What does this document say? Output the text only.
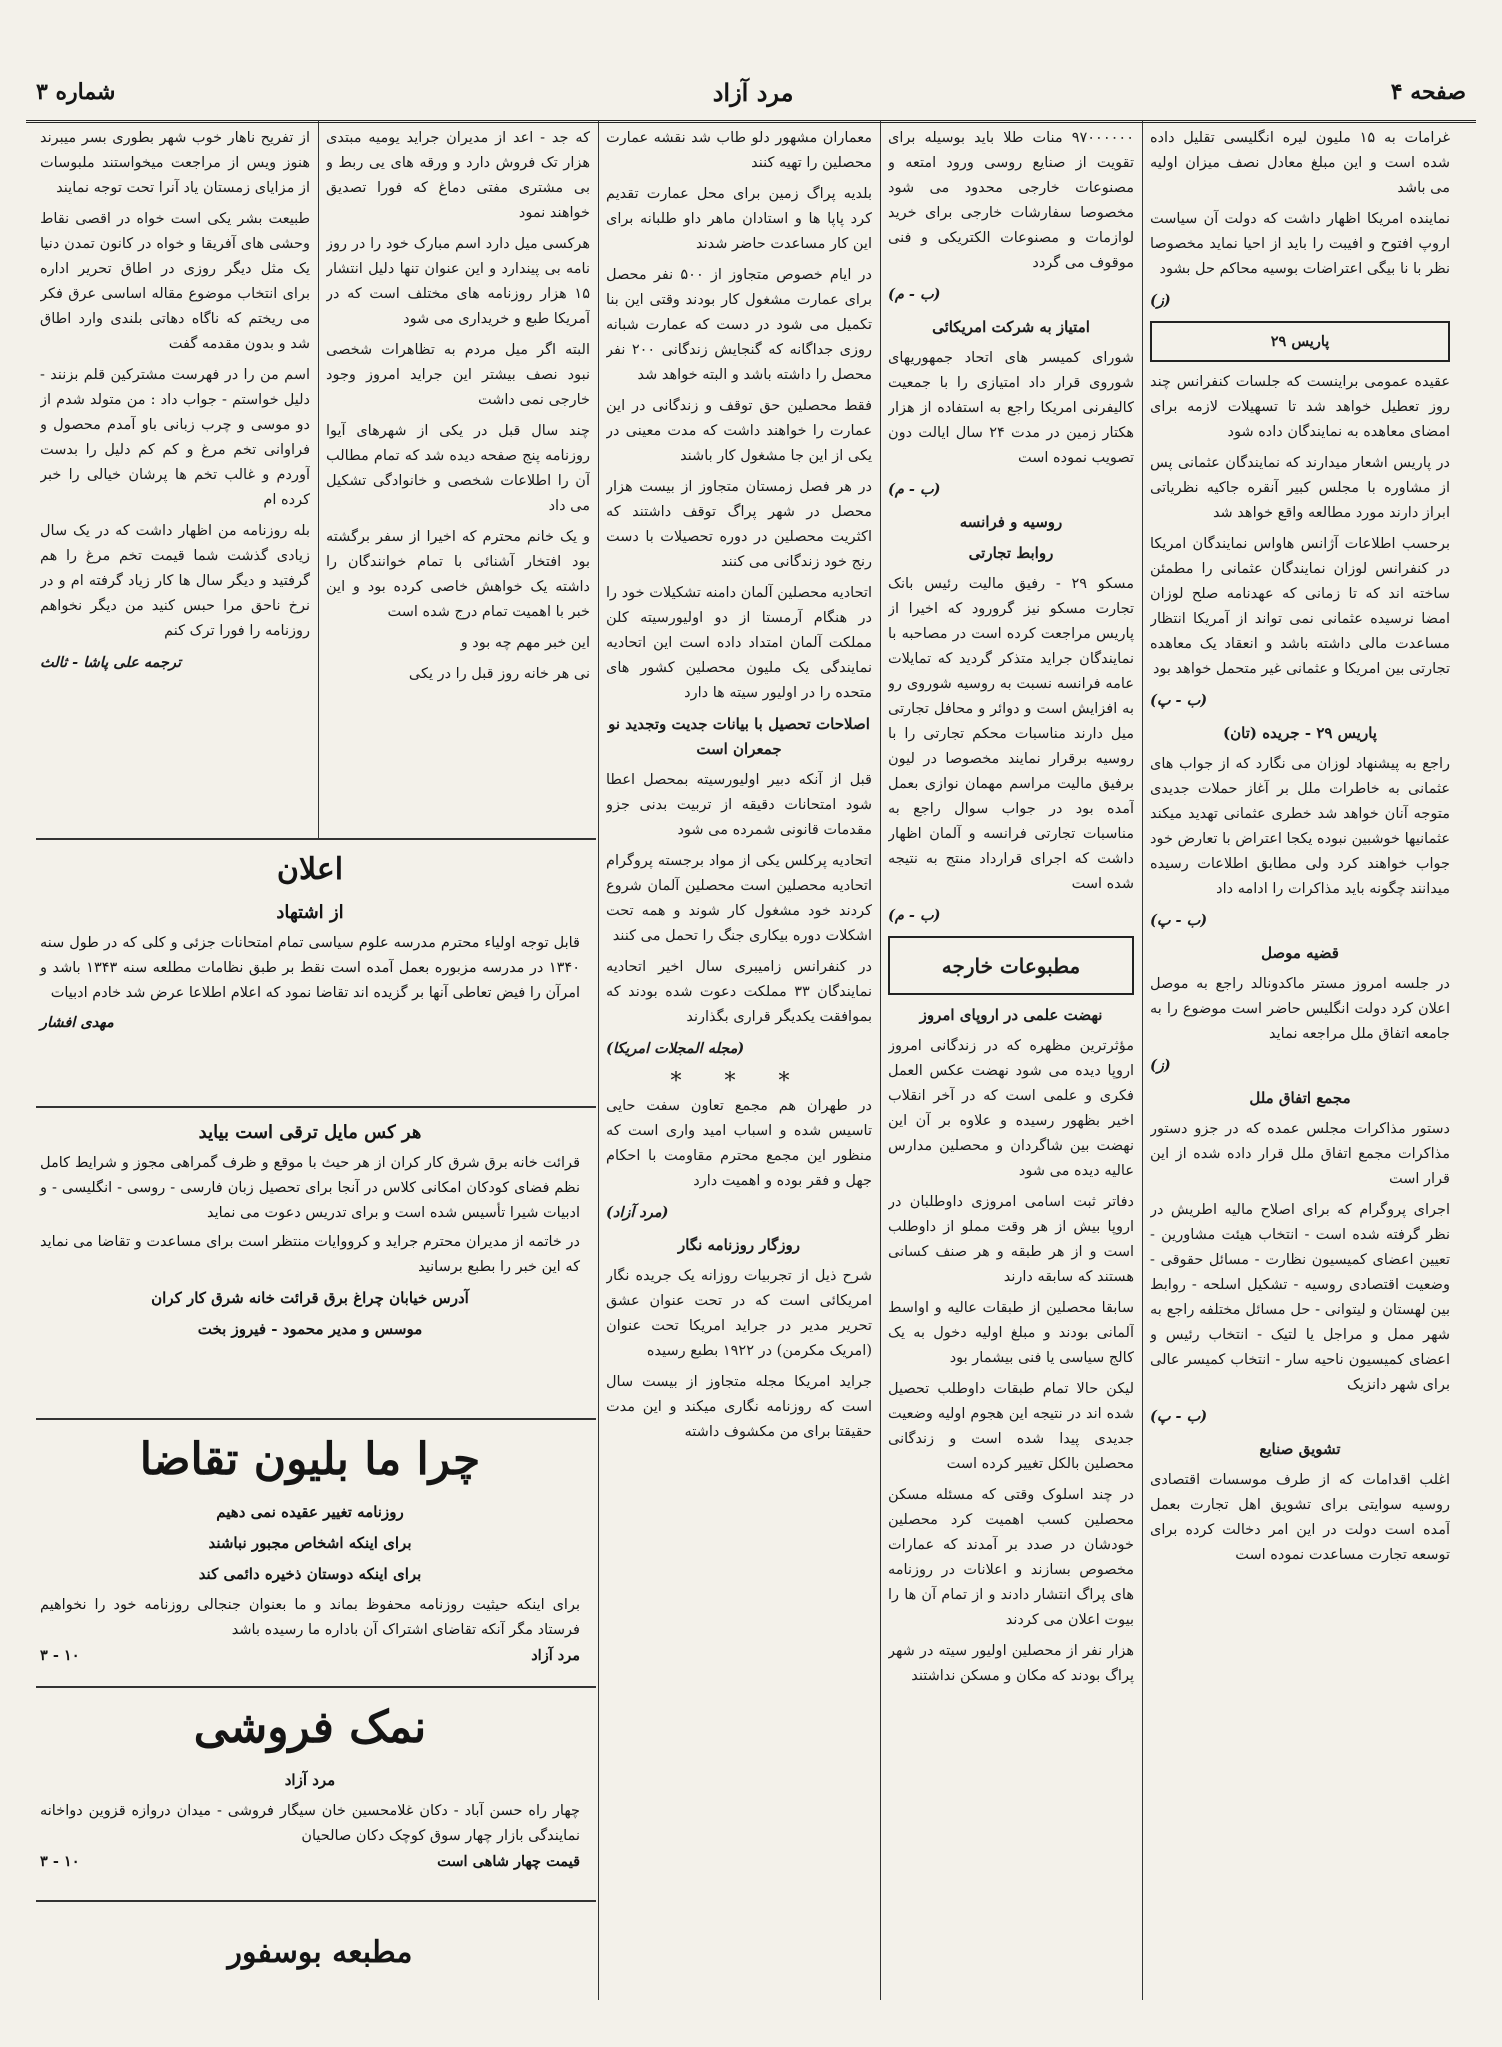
صفحه ۴
مرد آزاد
شماره ۳

غرامات به ۱۵ ملیون لیره انگلیسی تقلیل داده شده است و این مبلغ معادل نصف میزان اولیه می باشد

نماینده امریکا اظهار داشت که دولت آن سیاست اروپ افتوح و افیبت را باید از احیا نماید مخصوصا نظر با نا بیگی اعتراضات بوسیه محاکم حل بشود

(ز)
پاریس ۲۹

عقیده عمومی براینست که جلسات کنفرانس چند روز تعطیل خواهد شد تا تسهیلات لازمه برای امضای معاهده به نمایندگان داده شود

در پاریس اشعار میدارند که نمایندگان عثمانی پس از مشاوره با مجلس کبیر آنقره جاکیه نظریاتی ابراز دارند مورد مطالعه واقع خواهد شد

برحسب اطلاعات آژانس هاواس نمایندگان امریکا در کنفرانس لوزان نمایندگان عثمانی را مطمئن ساخته اند که تا زمانی که عهدنامه صلح لوزان امضا نرسیده عثمانی نمی تواند از آمریکا انتظار مساعدت مالی داشته باشد و انعقاد یک معاهده تجارتی بین امریکا و عثمانی غیر متحمل خواهد بود

(ب - پ)
پاریس ۲۹ - جریده (تان)

راجع به پیشنهاد لوزان می نگارد که از جواب های عثمانی به خاطرات ملل بر آغاز حملات جدیدی متوجه آنان خواهد شد خطری عثمانی تهدید میکند عثمانیها خوشبین نبوده یکجا اعتراض با تعارض خود جواب خواهند کرد ولی مطابق اطلاعات رسیده میدانند چگونه باید مذاکرات را ادامه داد

(ب - پ)
قضیه موصل

در جلسه امروز مستر ماکدونالد راجع به موصل اعلان کرد دولت انگلیس حاضر است موضوع را به جامعه اتفاق ملل مراجعه نماید

(ز)
مجمع اتفاق ملل

دستور مذاکرات مجلس عمده که در جزو دستور مذاکرات مجمع اتفاق ملل قرار داده شده از این قرار است

اجرای پروگرام که برای اصلاح مالیه اطریش در نظر گرفته شده است - انتخاب هیئت مشاورین - تعیین اعضای کمیسیون نظارت - مسائل حقوقی - وضعیت اقتصادی روسیه - تشکیل اسلحه - روابط بین لهستان و لیتوانی - حل مسائل مختلفه راجع به شهر ممل و مراجل یا لتیک - انتخاب رئیس و اعضای کمیسیون ناحیه سار - انتخاب کمیسر عالی برای شهر دانزیک

(ب - پ)
تشویق صنایع

اغلب اقدامات که از طرف موسسات اقتصادی روسیه سوایتی برای تشویق اهل تجارت بعمل آمده است دولت در این امر دخالت کرده برای توسعه تجارت مساعدت نموده است

۹۷۰۰۰۰۰۰ منات طلا باید بوسیله برای تقویت از صنایع روسی ورود امتعه و مصنوعات خارجی محدود می شود مخصوصا سفارشات خارجی برای خرید لوازمات و مصنوعات الکتریکی و فنی موقوف می گردد

(ب - م)
امتیاز به شرکت امریکائی

شورای کمیسر های اتحاد جمهوریهای شوروی قرار داد امتیازی را با جمعیت کالیفرنی امریکا راجع به استفاده از هزار هکتار زمین در مدت ۲۴ سال ایالت دون تصویب نموده است

(ب - م)
روسیه و فرانسه
روابط تجارتی

مسکو ۲۹ - رفیق مالیت رئیس بانک تجارت مسکو نیز گرورود که اخیرا از پاریس مراجعت کرده است در مصاحبه با نمایندگان جراید متذکر گردید که تمایلات عامه فرانسه نسبت به روسیه شوروی رو به افزایش است و دوائر و محافل تجارتی میل دارند مناسبات محکم تجارتی را با روسیه برقرار نمایند مخصوصا در لیون برفیق مالیت مراسم مهمان نوازی بعمل آمده بود در جواب سوال راجع به مناسبات تجارتی فرانسه و آلمان اظهار داشت که اجرای قرارداد منتج به نتیجه شده است

(ب - م)
مطبوعات خارجه
نهضت علمی در اروپای امروز

مؤثرترین مظهره که در زندگانی امروز اروپا دیده می شود نهضت عکس العمل فکری و علمی است که در آخر انقلاب اخیر بظهور رسیده و علاوه بر آن این نهضت بین شاگردان و محصلین مدارس عالیه دیده می شود

دفاتر ثبت اسامی امروزی داوطلبان در اروپا بیش از هر وقت مملو از داوطلب است و از هر طبقه و هر صنف کسانی هستند که سابقه دارند

سابقا محصلین از طبقات عالیه و اواسط آلمانی بودند و مبلغ اولیه دخول به یک کالج سیاسی یا فنی بیشمار بود

لیکن حالا تمام طبقات داوطلب تحصیل شده اند در نتیجه این هجوم اولیه وضعیت جدیدی پیدا شده است و زندگانی محصلین بالکل تغییر کرده است

در چند اسلوک وقتی که مسئله مسکن محصلین کسب اهمیت کرد محصلین خودشان در صدد بر آمدند که عمارات مخصوص بسازند و اعلانات در روزنامه های پراگ انتشار دادند و از تمام آن ها را بیوت اعلان می کردند

هزار نفر از محصلین اولیور سیته در شهر پراگ بودند که مکان و مسکن نداشتند

معماران مشهور دلو طاب شد نقشه عمارت محصلین را تهیه کنند

بلدیه پراگ زمین برای محل عمارت تقدیم کرد پاپا ها و استادان ماهر داو طلبانه برای این کار مساعدت حاضر شدند

در ایام خصوص متجاوز از ۵۰۰ نفر محصل برای عمارت مشغول کار بودند وقتی این بنا تکمیل می شود در دست که عمارت شبانه روزی جداگانه که گنجایش زندگانی ۲۰۰ نفر محصل را داشته باشد و البته خواهد شد

فقط محصلین حق توقف و زندگانی در این عمارت را خواهند داشت که مدت معینی در یکی از این جا مشغول کار باشند

در هر فصل زمستان متجاوز از بیست هزار محصل در شهر پراگ توقف داشتند که اکثریت محصلین در دوره تحصیلات با دست رنج خود زندگانی می کنند

اتحادیه محصلین آلمان دامنه تشکیلات خود را در هنگام آرمستا از دو اولیورسیته کلن مملکت آلمان امتداد داده است این اتحادیه نمایندگی یک ملیون محصلین کشور های متحده را در اولیور سیته ها دارد

اصلاحات تحصیل با بیانات جدیت وتجدید نو جمعران است

قبل از آنکه دبیر اولیورسیته بمحصل اعطا شود امتحانات دقیقه از تربیت بدنی جزو مقدمات قانونی شمرده می شود

اتحادیه پرکلس یکی از مواد برجسته پروگرام اتحادیه محصلین است محصلین آلمان شروع کردند خود مشغول کار شوند و همه تحت اشکلات دوره بیکاری جنگ را تحمل می کنند

در کنفرانس زامیبری سال اخیر اتحادیه نمایندگان ۳۳ مملکت دعوت شده بودند که بموافقت یکدیگر قراری بگذارند

(مجله المجلات امریکا)
* * *

در طهران هم مجمع تعاون سفت حایی تاسیس شده و اسباب امید واری است که منظور این مجمع محترم مقاومت با احکام جهل و فقر بوده و اهمیت دارد

(مرد آزاد)
روزگار روزنامه نگار

شرح ذیل از تجربیات روزانه یک جریده نگار امریکائی است که در تحت عنوان عشق تحریر مدیر در جراید امریکا تحت عنوان (امریک مکرمن) در ۱۹۲۲ بطبع رسیده

جراید امریکا مجله متجاوز از بیست سال است که روزنامه نگاری میکند و این مدت حقیقتا برای من مکشوف داشته

که جد - اعد از مدیران جراید یومیه مبتدی هزار تک فروش دارد و ورقه های یی ربط و بی مشتری مفتی دماغ که فورا تصدیق خواهند نمود

هرکسی میل دارد اسم مبارک خود را در روز نامه بی پیندارد و این عنوان تنها دلیل انتشار ۱۵ هزار روزنامه های مختلف است که در آمریکا طبع و خریداری می شود

البته اگر میل مردم به تظاهرات شخصی نبود نصف بیشتر این جراید امروز وجود خارجی نمی داشت

چند سال قبل در یکی از شهرهای آیوا روزنامه پنج صفحه دیده شد که تمام مطالب آن را اطلاعات شخصی و خانوادگی تشکیل می داد

و یک خانم محترم که اخیرا از سفر برگشته بود افتخار آشنائی با تمام خوانندگان را داشته یک خواهش خاصی کرده بود و این خبر با اهمیت تمام درج شده است

این خبر مهم چه بود و

نی هر خانه روز قبل را در یکی

از تفریح ناهار خوب شهر بطوری بسر میبرند هنوز ویس از مراجعت میخواستند ملبوسات از مزایای زمستان یاد آنرا تحت توجه نمایند

طبیعت بشر یکی است خواه در اقصی نقاط وحشی های آفریقا و خواه در کانون تمدن دنیا یک مثل دیگر روزی در اطاق تحریر اداره برای انتخاب موضوع مقاله اساسی عرق فکر می ریختم که ناگاه دهاتی بلندی وارد اطاق شد و بدون مقدمه گفت

اسم من را در فهرست مشترکین قلم بزنند - دلیل خواستم - جواب داد : من متولد شدم از دو موسی و چرب زبانی باو آمدم محصول و فراوانی تخم مرغ و کم کم دلیل را بدست آوردم و غالب تخم ها پرشان خیالی را خبر کرده ام

بله روزنامه من اظهار داشت که در یک سال زیادی گذشت شما قیمت تخم مرغ را هم گرفتید و دیگر سال ها کار زیاد گرفته ام و در نرخ ناحق مرا حبس کنید من دیگر نخواهم روزنامه را فورا ترک کنم

ترجمه علی پاشا - ثالث
اعلان
از اشتهاد

قابل توجه اولیاء محترم مدرسه علوم سیاسی تمام امتحانات جزئی و کلی که در طول سنه ۱۳۴۰ در مدرسه مزبوره بعمل آمده است نقط بر طبق نظامات مطلعه سنه ۱۳۴۳ باشد و امرآن را فیض تعاطی آنها بر گزیده اند تقاضا نمود که اعلام اطلاعا عرض شد خادم ادبیات

مهدی افشار
هر کس مایل ترقی است بیاید

قرائت خانه برق شرق کار کران از هر حیث با موقع و ظرف گمراهی مجوز و شرایط کامل نظم فضای کودکان امکانی کلاس در آنجا برای تحصیل زبان فارسی - روسی - انگلیسی - و ادبیات شیرا تأسیس شده است و برای تدریس دعوت می نماید

در خاتمه از مدیران محترم جراید و کرووایات منتظر است برای مساعدت و تقاضا می نماید که این خبر را بطبع برسانید

آدرس خیابان چراغ برق قرائت خانه شرق کار کران
موسس و مدیر محمود - فیروز بخت
چرا ما بلیون تقاضا
روزنامه تغییر عقیده نمی دهیم
برای اینکه اشخاص مجبور نباشند
برای اینکه دوستان ذخیره دائمی کند

برای اینکه حیثیت روزنامه محفوظ بماند و ما بعنوان جنجالی روزنامه خود را نخواهیم فرستاد مگر آنکه تقاضای اشتراک آن باداره ما رسیده باشد

مرد آزاد
۱۰ - ۳
نمک فروشی
مرد آزاد

چهار راه حسن آباد - دکان غلامحسین خان سیگار فروشی - میدان دروازه قزوین دواخانه نمایندگی بازار چهار سوق کوچک دکان صالحیان

قیمت چهار شاهی است
۱۰ - ۳
مطبعه بوسفور
